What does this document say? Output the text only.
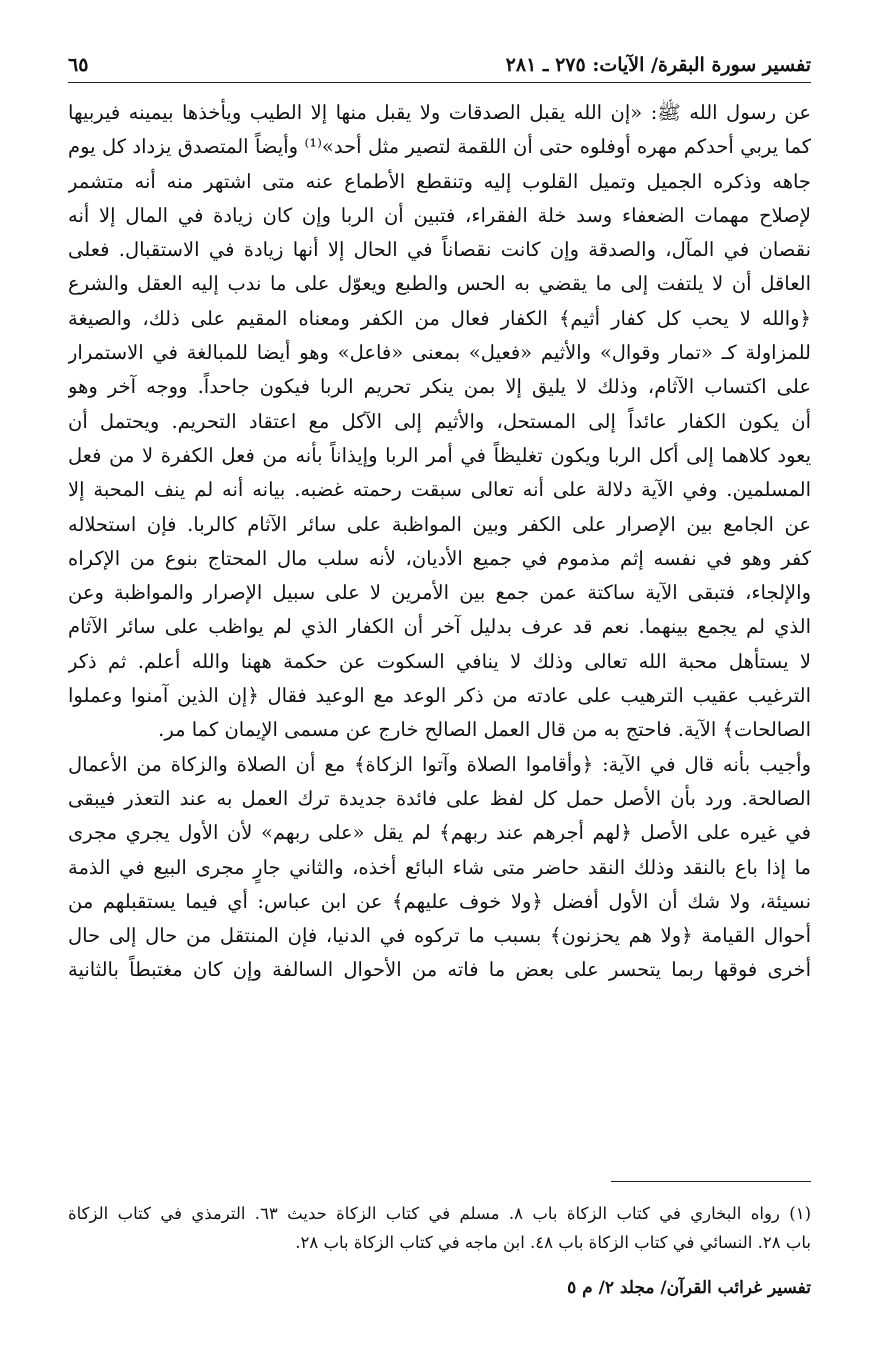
تفسير سورة البقرة/ الآيات: ٢٧٥ ـ ٢٨١
٦٥
عن رسول الله ﷺ: «إن الله يقبل الصدقات ولا يقبل منها إلا الطيب ويأخذها بيمينه فيربيها
كما يربي أحدكم مهره أوفلوه حتى أن اللقمة لتصير مثل أحد»⁽¹⁾ وأيضاً المتصدق يزداد كل يوم
جاهه وذكره الجميل وتميل القلوب إليه وتنقطع الأطماع عنه متى اشتهر منه أنه متشمر
لإصلاح مهمات الضعفاء وسد خلة الفقراء، فتبين أن الربا وإن كان زيادة في المال إلا أنه
نقصان في المآل، والصدقة وإن كانت نقصاناً في الحال إلا أنها زيادة في الاستقبال. فعلى
العاقل أن لا يلتفت إلى ما يقضي به الحس والطبع ويعوّل على ما ندب إليه العقل والشرع
﴿والله لا يحب كل كفار أثيم﴾ الكفار فعال من الكفر ومعناه المقيم على ذلك، والصيغة
للمزاولة كـ «تمار وقوال» والأثيم «فعيل» بمعنى «فاعل» وهو أيضا للمبالغة في الاستمرار
على اكتساب الآثام، وذلك لا يليق إلا بمن ينكر تحريم الربا فيكون جاحداً. ووجه آخر وهو
أن يكون الكفار عائداً إلى المستحل، والأثيم إلى الآكل مع اعتقاد التحريم. ويحتمل أن
يعود كلاهما إلى أكل الربا ويكون تغليظاً في أمر الربا وإيذاناً بأنه من فعل الكفرة لا من فعل
المسلمين. وفي الآية دلالة على أنه تعالى سبقت رحمته غضبه. بيانه أنه لم ينف المحبة إلا
عن الجامع بين الإصرار على الكفر وبين المواظبة على سائر الآثام كالربا. فإن استحلاله
كفر وهو في نفسه إثم مذموم في جميع الأديان، لأنه سلب مال المحتاج بنوع من الإكراه
والإلجاء، فتبقى الآية ساكتة عمن جمع بين الأمرين لا على سبيل الإصرار والمواظبة وعن
الذي لم يجمع بينهما. نعم قد عرف بدليل آخر أن الكفار الذي لم يواظب على سائر الآثام
لا يستأهل محبة الله تعالى وذلك لا ينافي السكوت عن حكمة ههنا والله أعلم. ثم ذكر
الترغيب عقيب الترهيب على عادته من ذكر الوعد مع الوعيد فقال ﴿إن الذين آمنوا وعملوا
الصالحات﴾ الآية. فاحتج به من قال العمل الصالح خارج عن مسمى الإيمان كما مر.
وأجيب بأنه قال في الآية: ﴿وأقاموا الصلاة وآتوا الزكاة﴾ مع أن الصلاة والزكاة من الأعمال
الصالحة. ورد بأن الأصل حمل كل لفظ على فائدة جديدة ترك العمل به عند التعذر فيبقى
في غيره على الأصل ﴿لهم أجرهم عند ربهم﴾ لم يقل «على ربهم» لأن الأول يجري مجرى
ما إذا باع بالنقد وذلك النقد حاضر متى شاء البائع أخذه، والثاني جارٍ مجرى البيع في الذمة
نسيئة، ولا شك أن الأول أفضل ﴿ولا خوف عليهم﴾ عن ابن عباس: أي فيما يستقبلهم من
أحوال القيامة ﴿ولا هم يحزنون﴾ بسبب ما تركوه في الدنيا، فإن المنتقل من حال إلى حال
أخرى فوقها ربما يتحسر على بعض ما فاته من الأحوال السالفة وإن كان مغتبطاً بالثانية
(١) رواه البخاري في كتاب الزكاة باب ٨. مسلم في كتاب الزكاة حديث ٦٣. الترمذي في كتاب الزكاة
باب ٢٨. النسائي في كتاب الزكاة باب ٤٨. ابن ماجه في كتاب الزكاة باب ٢٨.
تفسير غرائب القرآن/ مجلد ٢/ م ٥
